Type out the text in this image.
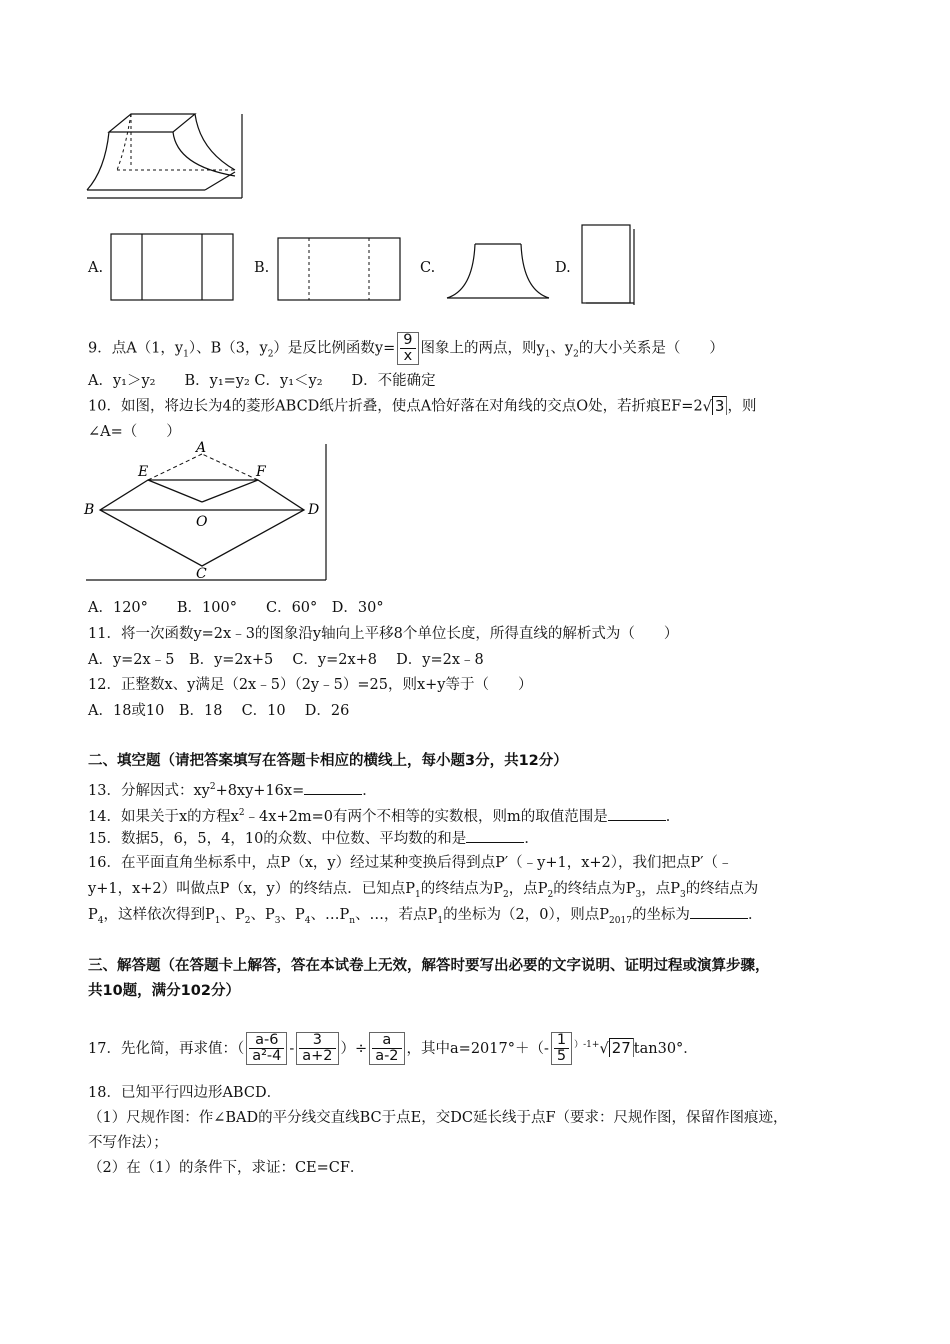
A.	B.	C.	D.
9．点A（1，$y_1$）、B（3，$y_2$）是反比例函数$y= \frac{9}{x}$ 图象上的两点，则$y_1$、$y_2$的大小关系是（　　）
A．y₁＞y₂　　B．y₁=y₂ C．y₁＜y₂　　D．不能确定
10．如图，将边长为4的菱形ABCD纸片折叠，使点A恰好落在对角线的交点O处，若折痕EF=2√ 3 ，则
∠A=（　　）
A
E	F
B
O
D
C
A．120°　　B．100°　　C．60°　D．30°
11．将一次函数y=2x﹣3的图象沿y轴向上平移8个单位长度，所得直线的解析式为（　　）
A．y=2x﹣5　B．y=2x+5　 C．y=2x+8　 D．y=2x﹣8
12．正整数x、y满足（2x﹣5）（2y﹣5）=25，则x+y等于（　　）
A．18或10　B．18　 C．10　 D．26
二、填空题（请把答案填写在答题卡相应的横线上，每小题3分，共12分）
13．分解因式：$xy^2+8xy+16x=$	．
14．如果关于x的方程$x^2﹣4x+2m=0$有两个不相等的实数根，则m的取值范围是	．
15．数据5，6，5，4，10的众数、中位数、平均数的和是	．
16．在平面直角坐标系中，点P（x，y）经过某种变换后得到点P′（﹣y+1，x+2），我们把点P′（﹣
y+1，x+2）叫做点P（x，y）的终结点．已知点$P_1$的终结点为$P_2$，点$P_2$的终结点为$P_3$，点$P_3$的终结点为
$P_4$，这样依次得到$P_1$、$P_2$、$P_3$、$P_4$、$\dots P_n$、…，若点$P_1$的坐标为（2，0），则点$P_{2017}$的坐标为	．
三、解答题（在答题卡上解答，答在本试卷上无效，解答时要写出必要的文字说明、证明过程或演算步骤，
共10题，满分102分）
17．先化简，再求值：（ $\frac{a-6}{\text{a²-4}} - \frac{3}{a+2}$ ）÷ $\frac{a}{a-2}$ ，其中$a=2017^\circ+(- \frac{1}{5} ^{)-1+}√$ 27 tan30°．
18．已知平行四边形ABCD．
（1）尺规作图：作∠BAD的平分线交直线BC于点E，交DC延长线于点F（要求：尺规作图，保留作图痕迹，
不写作法）；
（2）在（1）的条件下，求证：CE=CF．
